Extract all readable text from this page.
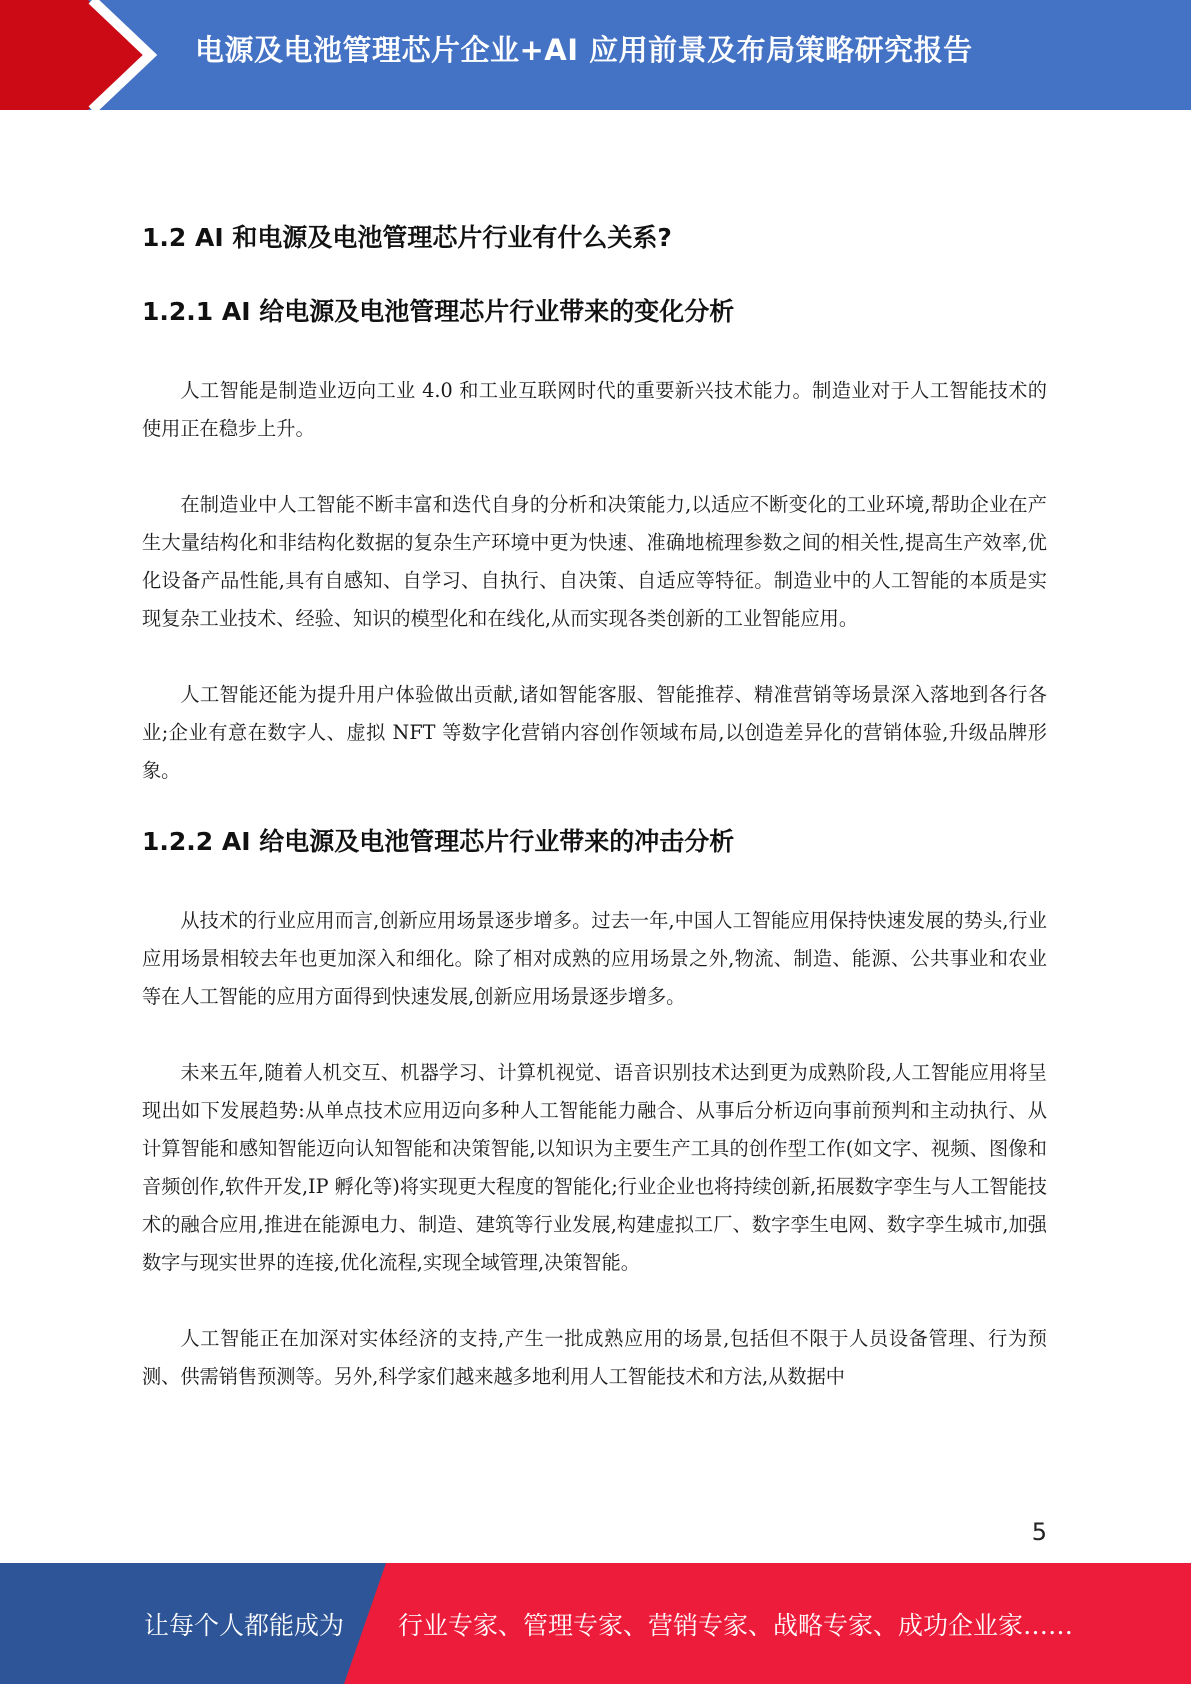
电源及电池管理芯片企业+AI 应用前景及布局策略研究报告
1.2 AI 和电源及电池管理芯片行业有什么关系?
1.2.1 AI 给电源及电池管理芯片行业带来的变化分析

人工智能是制造业迈向工业 4.0 和工业互联网时代的重要新兴技术能力。制造业对于人工智能技术的使用正在稳步上升。

在制造业中人工智能不断丰富和迭代自身的分析和决策能力,以适应不断变化的工业环境,帮助企业在产生大量结构化和非结构化数据的复杂生产环境中更为快速、准确地梳理参数之间的相关性,提高生产效率,优化设备产品性能,具有自感知、自学习、自执行、自决策、自适应等特征。制造业中的人工智能的本质是实现复杂工业技术、经验、知识的模型化和在线化,从而实现各类创新的工业智能应用。

人工智能还能为提升用户体验做出贡献,诸如智能客服、智能推荐、精准营销等场景深入落地到各行各业;企业有意在数字人、虚拟 NFT 等数字化营销内容创作领域布局,以创造差异化的营销体验,升级品牌形象。

1.2.2 AI 给电源及电池管理芯片行业带来的冲击分析

从技术的行业应用而言,创新应用场景逐步增多。过去一年,中国人工智能应用保持快速发展的势头,行业应用场景相较去年也更加深入和细化。除了相对成熟的应用场景之外,物流、制造、能源、公共事业和农业等在人工智能的应用方面得到快速发展,创新应用场景逐步增多。

未来五年,随着人机交互、机器学习、计算机视觉、语音识别技术达到更为成熟阶段,人工智能应用将呈现出如下发展趋势:从单点技术应用迈向多种人工智能能力融合、从事后分析迈向事前预判和主动执行、从计算智能和感知智能迈向认知智能和决策智能,以知识为主要生产工具的创作型工作(如文字、视频、图像和音频创作,软件开发,IP 孵化等)将实现更大程度的智能化;行业企业也将持续创新,拓展数字孪生与人工智能技术的融合应用,推进在能源电力、制造、建筑等行业发展,构建虚拟工厂、数字孪生电网、数字孪生城市,加强数字与现实世界的连接,优化流程,实现全域管理,决策智能。

人工智能正在加深对实体经济的支持,产生一批成熟应用的场景,包括但不限于人员设备管理、行为预测、供需销售预测等。另外,科学家们越来越多地利用人工智能技术和方法,从数据中

5
让每个人都能成为 行业专家、管理专家、营销专家、战略专家、成功企业家……
